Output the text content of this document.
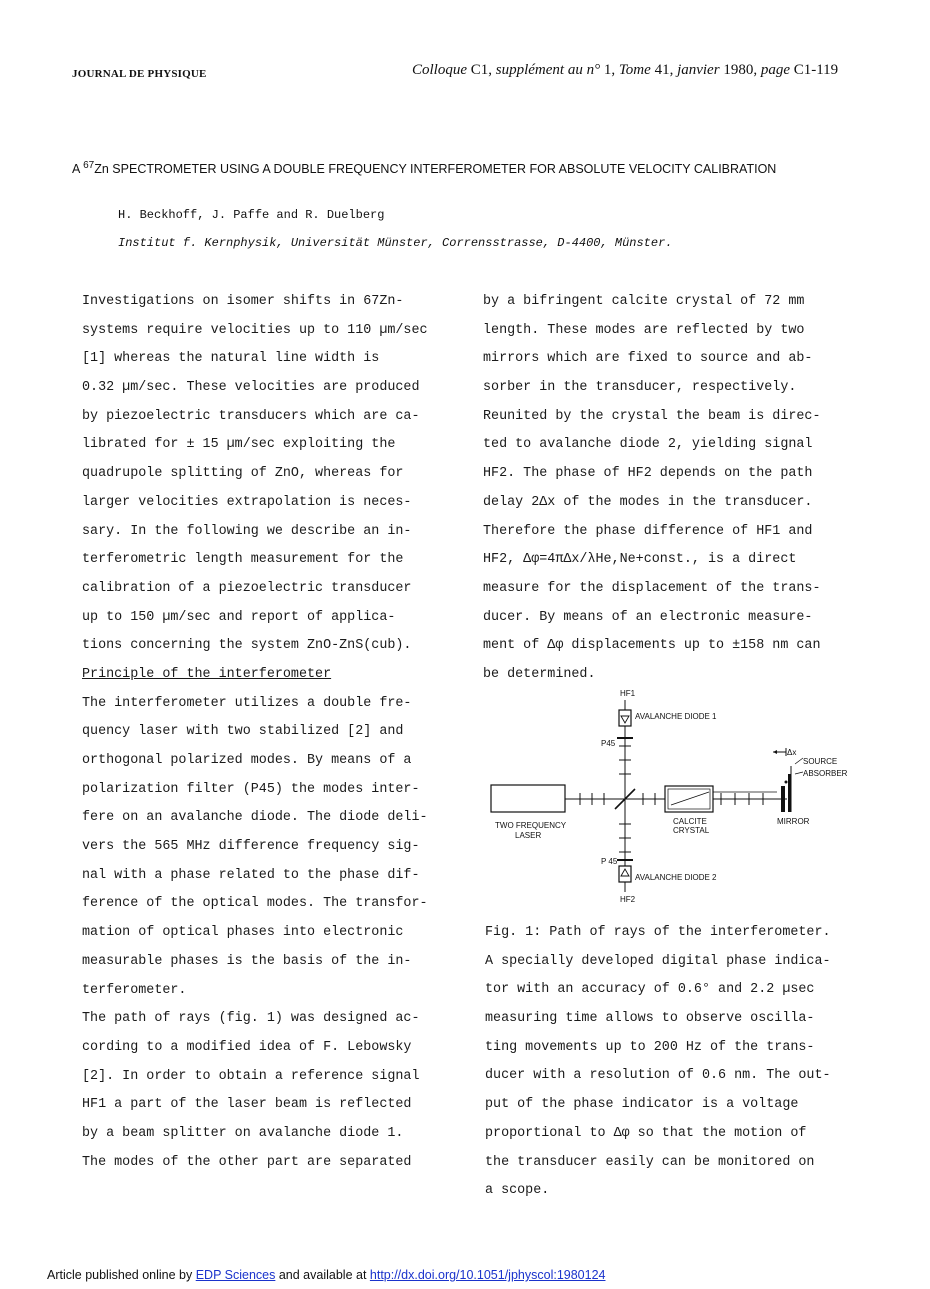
JOURNAL DE PHYSIQUE	Colloque C1, supplément au n° 1, Tome 41, janvier 1980, page C1-119
A $^{67}$Zn SPECTROMETER USING A DOUBLE FREQUENCY INTERFEROMETER FOR ABSOLUTE VELOCITY CALIBRATION
H. Beckhoff, J. Paffe and R. Duelberg
Institut f. Kernphysik, Universität Münster, Corrensstrasse, D-4400, Münster.
Investigations on isomer shifts in 67Zn-
systems require velocities up to 110 µm/sec
[1] whereas the natural line width is
0.32 µm/sec. These velocities are produced
by piezoelectric transducers which are ca-
librated for ± 15 µm/sec exploiting the
quadrupole splitting of ZnO, whereas for
larger velocities extrapolation is neces-
sary. In the following we describe an in-
terferometric length measurement for the
calibration of a piezoelectric transducer
up to 150 µm/sec and report of applica-
tions concerning the system ZnO-ZnS(cub).
Principle of the interferometer
The interferometer utilizes a double fre-
quency laser with two stabilized [2] and
orthogonal polarized modes. By means of a
polarization filter (P45) the modes inter-
fere on an avalanche diode. The diode deli-
vers the 565 MHz difference frequency sig-
nal with a phase related to the phase dif-
ference of the optical modes. The transfor-
mation of optical phases into electronic
measurable phases is the basis of the in-
terferometer.
The path of rays (fig. 1) was designed ac-
cording to a modified idea of F. Lebowsky
[2]. In order to obtain a reference signal
HF1 a part of the laser beam is reflected
by a beam splitter on avalanche diode 1.
The modes of the other part are separated
by a bifringent calcite crystal of 72 mm
length. These modes are reflected by two
mirrors which are fixed to source and ab-
sorber in the transducer, respectively.
Reunited by the crystal the beam is direc-
ted to avalanche diode 2, yielding signal
HF2. The phase of HF2 depends on the path
delay 2Δx of the modes in the transducer.
Therefore the phase difference of HF1 and
HF2, Δφ=4πΔx/λHe,Ne+const., is a direct
measure for the displacement of the trans-
ducer. By means of an electronic measure-
ment of Δφ displacements up to ±158 nm can
be determined.
HF1
AVALANCHE DIODE 1
P45
Δx
SOURCE
ABSORBER
TWO FREQUENCY
LASER
CALCITE
CRYSTAL
MIRROR
P 45
AVALANCHE DIODE 2
HF2
Fig. 1: Path of rays of the interferometer.
A specially developed digital phase indica-
tor with an accuracy of 0.6° and 2.2 µsec
measuring time allows to observe oscilla-
ting movements up to 200 Hz of the trans-
ducer with a resolution of 0.6 nm. The out-
put of the phase indicator is a voltage
proportional to Δφ so that the motion of
the transducer easily can be monitored on
a scope.
Article published online by EDP Sciences and available at http://dx.doi.org/10.1051/jphyscol:1980124
